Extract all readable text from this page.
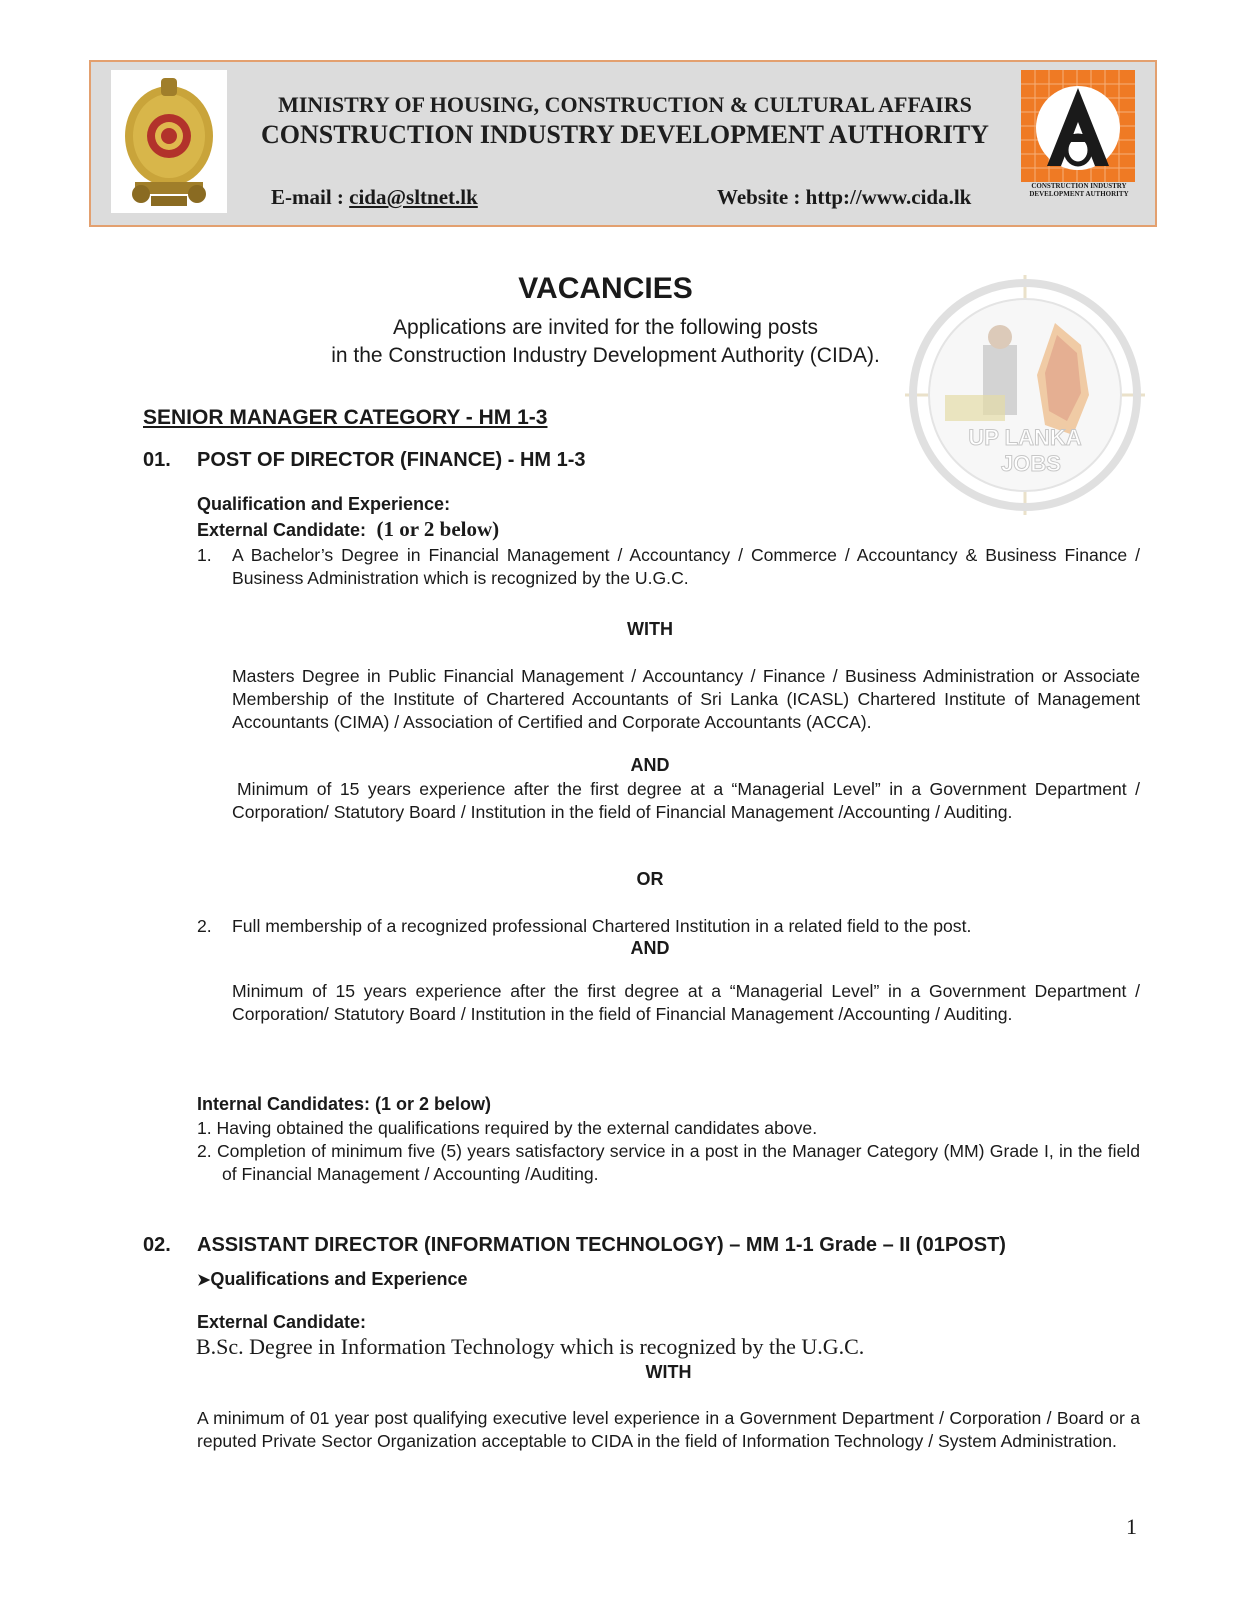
MINISTRY OF HOUSING, CONSTRUCTION & CULTURAL AFFAIRS
CONSTRUCTION INDUSTRY DEVELOPMENT AUTHORITY
E-mail : cida@sltnet.lk	Website : http://www.cida.lk	CONSTRUCTION INDUSTRY
DEVELOPMENT AUTHORITY
UP LANKA
JOBS
VACANCIES
Applications are invited for the following posts
in the Construction Industry Development Authority (CIDA).
SENIOR MANAGER CATEGORY - HM 1-3
01. POST OF DIRECTOR (FINANCE) - HM 1-3
Qualification and Experience:
External Candidate: (1 or 2 below)
1. A Bachelor’s Degree in Financial Management / Accountancy / Commerce / Accountancy & Business Finance / Business Administration which is recognized by the U.G.C.
WITH
Masters Degree in Public Financial Management / Accountancy / Finance / Business Administration or Associate Membership of the Institute of Chartered Accountants of Sri Lanka (ICASL) Chartered Institute of Management Accountants (CIMA) / Association of Certified and Corporate Accountants (ACCA).
AND
Minimum of 15 years experience after the first degree at a “Managerial Level” in a Government Department / Corporation/ Statutory Board / Institution in the field of Financial Management /Accounting / Auditing.
OR
2. Full membership of a recognized professional Chartered Institution in a related field to the post.
AND
Minimum of 15 years experience after the first degree at a “Managerial Level” in a Government Department / Corporation/ Statutory Board / Institution in the field of Financial Management /Accounting / Auditing.
Internal Candidates: (1 or 2 below)
1. Having obtained the qualifications required by the external candidates above.
2. Completion of minimum five (5) years satisfactory service in a post in the Manager Category (MM) Grade I, in the field of Financial Management / Accounting /Auditing.
02. ASSISTANT DIRECTOR (INFORMATION TECHNOLOGY) – MM 1-1 Grade – II (01POST)
➤Qualifications and Experience
External Candidate:
B.Sc. Degree in Information Technology which is recognized by the U.G.C.
WITH
A minimum of 01 year post qualifying executive level experience in a Government Department / Corporation / Board or a reputed Private Sector Organization acceptable to CIDA in the field of Information Technology / System Administration.
1
